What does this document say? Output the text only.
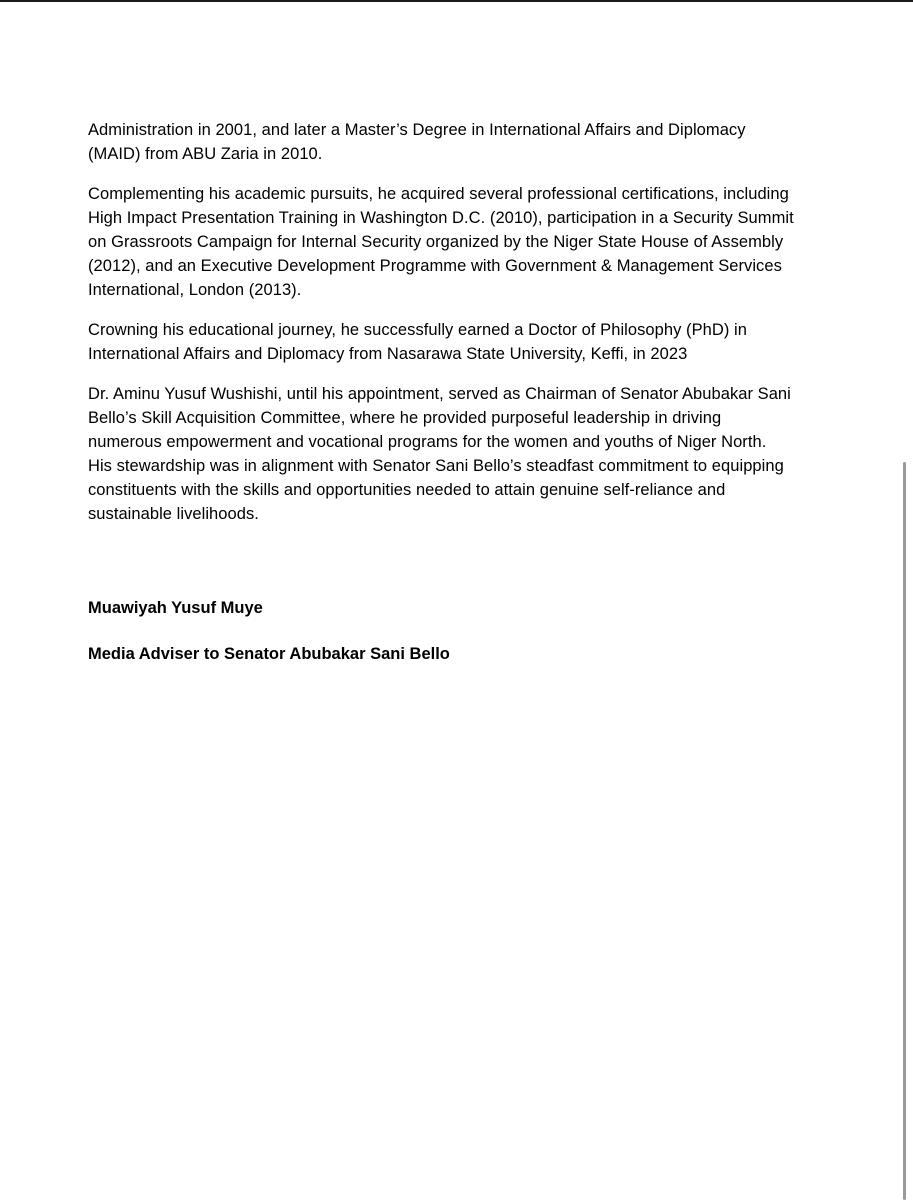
Administration in 2001, and later a Master’s Degree in International Affairs and Diplomacy
(MAID) from ABU Zaria in 2010.

Complementing his academic pursuits, he acquired several professional certifications, including
High Impact Presentation Training in Washington D.C. (2010), participation in a Security Summit
on Grassroots Campaign for Internal Security organized by the Niger State House of Assembly
(2012), and an Executive Development Programme with Government & Management Services
International, London (2013).

Crowning his educational journey, he successfully earned a Doctor of Philosophy (PhD) in
International Affairs and Diplomacy from Nasarawa State University, Keffi, in 2023

Dr. Aminu Yusuf Wushishi, until his appointment, served as Chairman of Senator Abubakar Sani
Bello’s Skill Acquisition Committee, where he provided purposeful leadership in driving
numerous empowerment and vocational programs for the women and youths of Niger North.
His stewardship was in alignment with Senator Sani Bello’s steadfast commitment to equipping
constituents with the skills and opportunities needed to attain genuine self-reliance and
sustainable livelihoods.

Muawiyah Yusuf Muye

Media Adviser to Senator Abubakar Sani Bello
